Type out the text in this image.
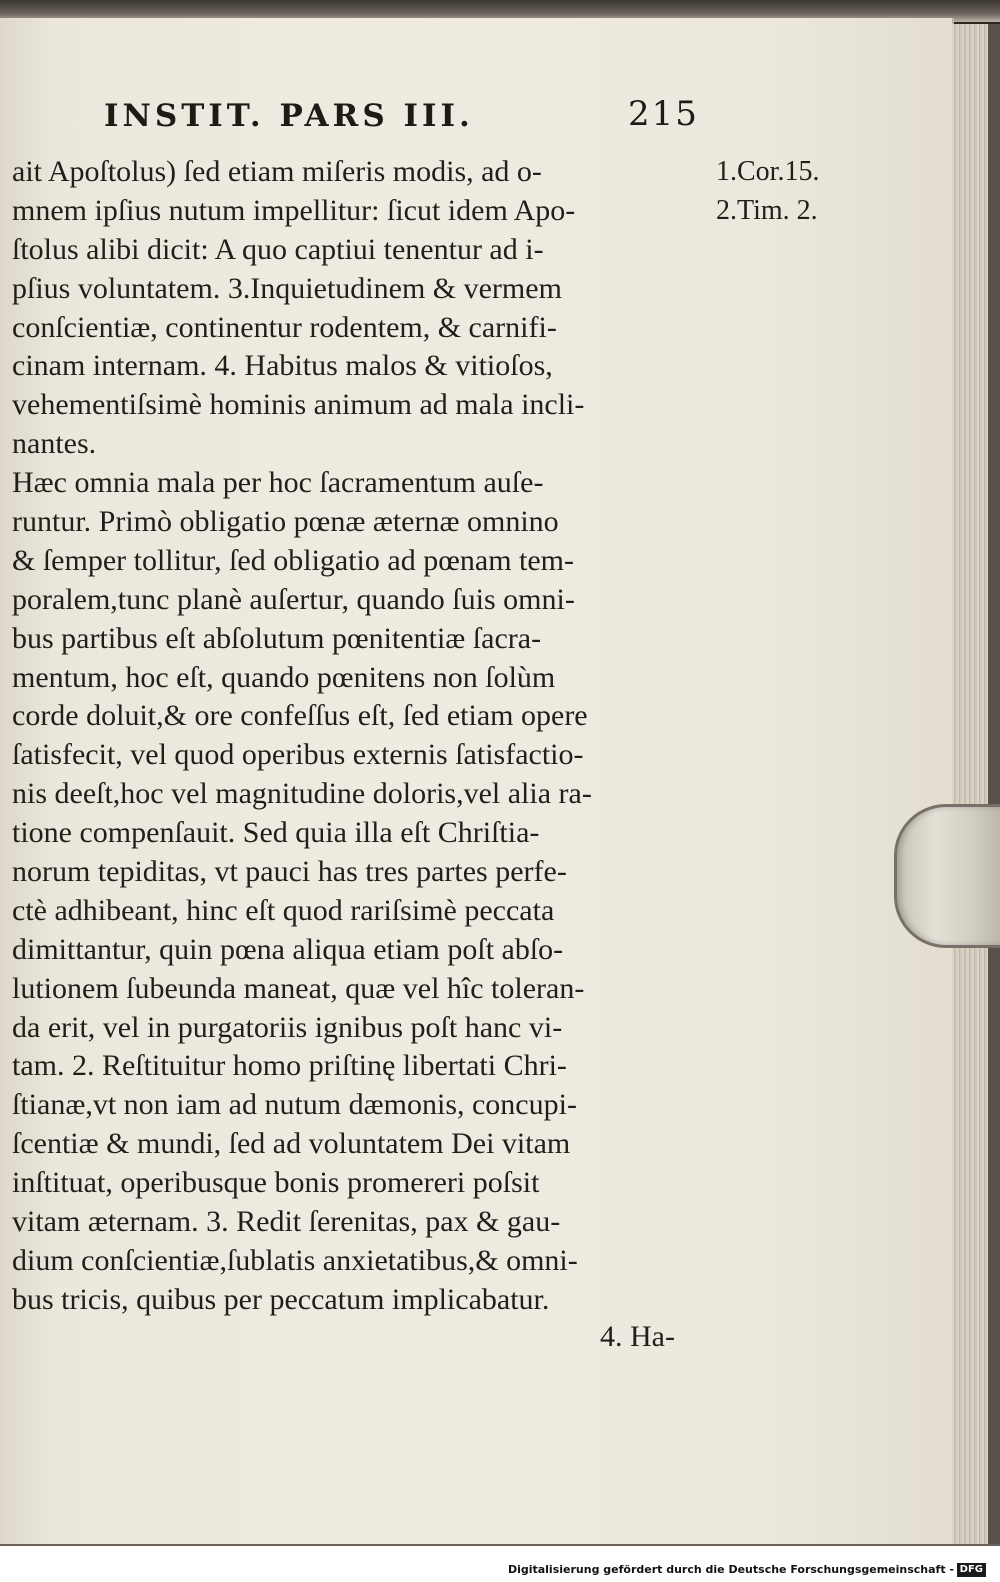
INSTIT. PARS III.	215
ait Apoſtolus) ſed etiam miſeris modis, ad o-
mnem ipſius nutum impellitur: ſicut idem Apo-
ſtolus alibi dicit: A quo captiui tenentur ad i-
pſius voluntatem. 3.Inquietudinem & vermem
conſcientiæ, continentur rodentem, & carnifi-
cinam internam. 4. Habitus malos & vitioſos,
vehementiſsimè hominis animum ad mala incli-
nantes.
Hæc omnia mala per hoc ſacramentum auſe-
runtur. Primò obligatio pœnæ æternæ omnino
& ſemper tollitur, ſed obligatio ad pœnam tem-
poralem,tunc planè auſertur, quando ſuis omni-
bus partibus eſt abſolutum pœnitentiæ ſacra-
mentum, hoc eſt, quando pœnitens non ſolùm
corde doluit,& ore confeſſus eſt, ſed etiam opere
ſatisfecit, vel quod operibus externis ſatisfactio-
nis deeſt,hoc vel magnitudine doloris,vel alia ra-
tione compenſauit. Sed quia illa eſt Chriſtia-
norum tepiditas, vt pauci has tres partes perfe-
ctè adhibeant, hinc eſt quod rariſsimè peccata
dimittantur, quin pœna aliqua etiam poſt abſo-
lutionem ſubeunda maneat, quæ vel hîc toleran-
da erit, vel in purgatoriis ignibus poſt hanc vi-
tam. 2. Reſtituitur homo priſtinę libertati Chri-
ſtianæ,vt non iam ad nutum dæmonis, concupi-
ſcentiæ & mundi, ſed ad voluntatem Dei vitam
inſtituat, operibusque bonis promereri poſsit
vitam æternam. 3. Redit ſerenitas, pax & gau-
dium conſcientiæ,ſublatis anxietatibus,& omni-
bus tricis, quibus per peccatum implicabatur.
4. Ha-
1.Cor.15.
2.Tim. 2.
Digitalisierung gefördert durch die Deutsche Forschungsgemeinschaft - DFG
